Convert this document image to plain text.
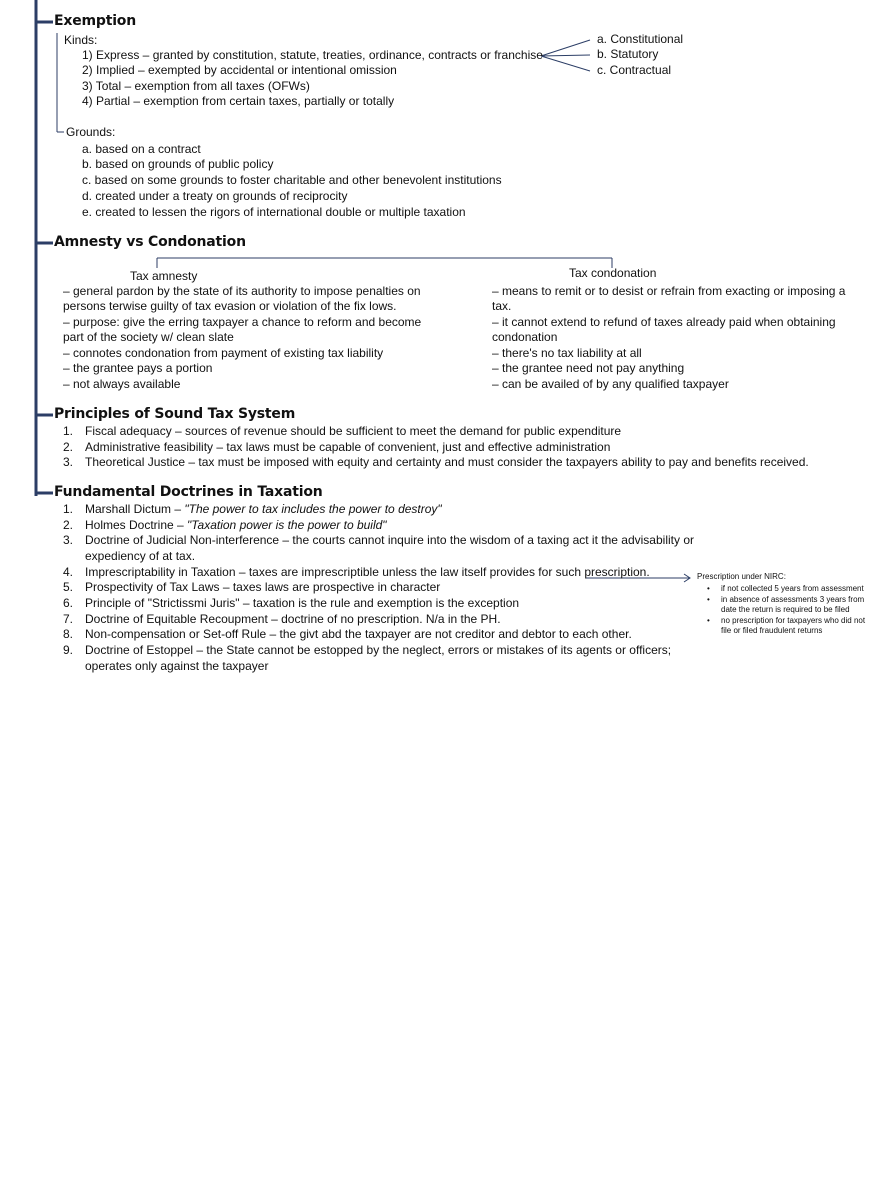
Exemption
Kinds:
1) Express – granted by constitution, statute, treaties, ordinance, contracts or franchise
2) Implied – exempted by accidental or intentional omission
3) Total – exemption from all taxes (OFWs)
4) Partial – exemption from certain taxes, partially or totally
a. Constitutional
b. Statutory
c. Contractual
Grounds:
a. based on a contract
b. based on grounds of public policy
c. based on some grounds to foster charitable and other benevolent institutions
d. created under a treaty on grounds of reciprocity
e. created to lessen the rigors of international double or multiple taxation
Amnesty vs Condonation
Tax amnesty
– general pardon by the state of its authority to impose penalties on
persons terwise guilty of tax evasion or violation of the fix lows.
– purpose: give the erring taxpayer a chance to reform and become
part of the society w/ clean slate
– connotes condonation from payment of existing tax liability
– the grantee pays a portion
– not always available
Tax condonation
– means to remit or to desist or refrain from exacting or imposing a
tax.
– it cannot extend to refund of taxes already paid when obtaining
condonation
– there's no tax liability at all
– the grantee need not pay anything
– can be availed of by any qualified taxpayer
Principles of Sound Tax System
1. Fiscal adequacy – sources of revenue should be sufficient to meet the demand for public expenditure
2. Administrative feasibility – tax laws must be capable of convenient, just and effective administration
3. Theoretical Justice – tax must be imposed with equity and certainty and must consider the taxpayers ability to pay and benefits received.
Fundamental Doctrines in Taxation
1. Marshall Dictum – "The power to tax includes the power to destroy"
2. Holmes Doctrine – "Taxation power is the power to build"
3. Doctrine of Judicial Non-interference – the courts cannot inquire into the wisdom of a taxing act it the advisability or
expediency of at tax.
4. Imprescriptability in Taxation – taxes are imprescriptible unless the law itself provides for such prescription.
5. Prospectivity of Tax Laws – taxes laws are prospective in character
6. Principle of "Strictissmi Juris" – taxation is the rule and exemption is the exception
7. Doctrine of Equitable Recoupment – doctrine of no prescription. N/a in the PH.
8. Non-compensation or Set-off Rule – the givt abd the taxpayer are not creditor and debtor to each other.
9. Doctrine of Estoppel – the State cannot be estopped by the neglect, errors or mistakes of its agents or officers;
operates only against the taxpayer
Prescription under NIRC:
• if not collected 5 years from assessment
• in absence of assessments 3 years from
date the return is required to be filed
• no prescription for taxpayers who did not
file or filed fraudulent returns
